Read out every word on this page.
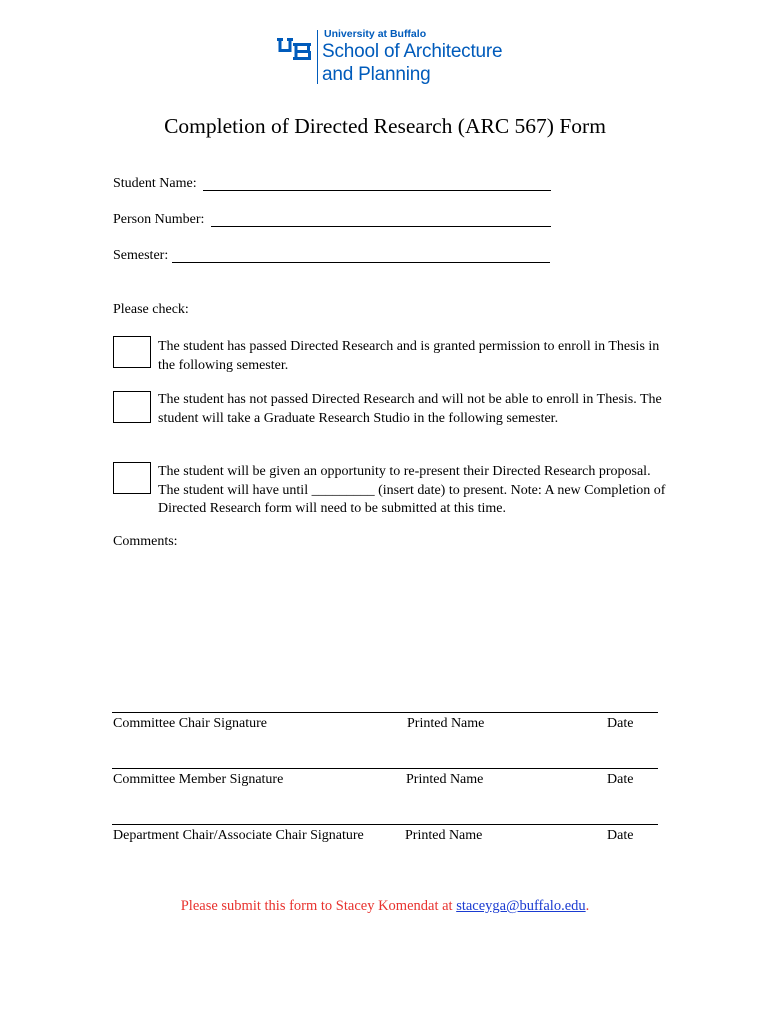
University at Buffalo
School of Architecture
and Planning
Completion of Directed Research (ARC 567) Form
Student Name:
Person Number:
Semester:
Please check:
The student has passed Directed Research and is granted permission to enroll in Thesis in the following semester.
The student has not passed Directed Research and will not be able to enroll in Thesis. The student will take a Graduate Research Studio in the following semester.
The student will be given an opportunity to re-present their Directed Research proposal. The student will have until _________ (insert date) to present. Note: A new Completion of Directed Research form will need to be submitted at this time.
Comments:
Committee Chair Signature	Printed Name	Date
Committee Member Signature	Printed Name	Date
Department Chair/Associate Chair Signature	Printed Name	Date
Please submit this form to Stacey Komendat at staceyga@buffalo.edu.
